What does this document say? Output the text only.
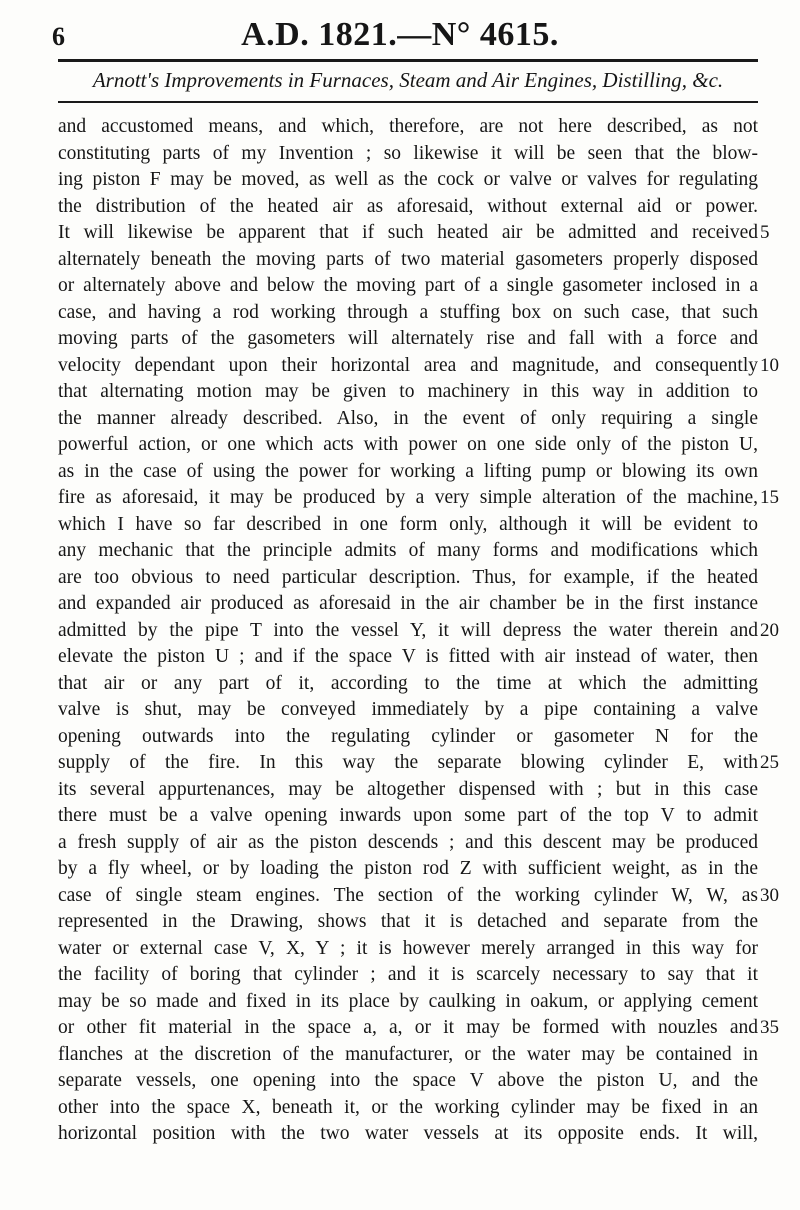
6	A.D. 1821.—N° 4615.
Arnott's Improvements in Furnaces, Steam and Air Engines, Distilling, &c.
and accustomed means, and which, therefore, are not here described, as not
constituting parts of my Invention ; so likewise it will be seen that the blow-
ing piston F may be moved, as well as the cock or valve or valves for regulating
the distribution of the heated air as aforesaid, without external aid or power.
It will likewise be apparent that if such heated air be admitted and received
alternately beneath the moving parts of two material gasometers properly disposed
or alternately above and below the moving part of a single gasometer inclosed in a
case, and having a rod working through a stuffing box on such case, that such
moving parts of the gasometers will alternately rise and fall with a force and
velocity dependant upon their horizontal area and magnitude, and consequently
that alternating motion may be given to machinery in this way in addition to
the manner already described. Also, in the event of only requiring a single
powerful action, or one which acts with power on one side only of the piston U,
as in the case of using the power for working a lifting pump or blowing its own
fire as aforesaid, it may be produced by a very simple alteration of the machine,
which I have so far described in one form only, although it will be evident to
any mechanic that the principle admits of many forms and modifications which
are too obvious to need particular description. Thus, for example, if the heated
and expanded air produced as aforesaid in the air chamber be in the first instance
admitted by the pipe T into the vessel Y, it will depress the water therein and
elevate the piston U ; and if the space V is fitted with air instead of water, then
that air or any part of it, according to the time at which the admitting
valve is shut, may be conveyed immediately by a pipe containing a valve
opening outwards into the regulating cylinder or gasometer N for the
supply of the fire. In this way the separate blowing cylinder E, with
its several appurtenances, may be altogether dispensed with ; but in this case
there must be a valve opening inwards upon some part of the top V to admit
a fresh supply of air as the piston descends ; and this descent may be produced
by a fly wheel, or by loading the piston rod Z with sufficient weight, as in the
case of single steam engines. The section of the working cylinder W, W, as
represented in the Drawing, shows that it is detached and separate from the
water or external case V, X, Y ; it is however merely arranged in this way for
the facility of boring that cylinder ; and it is scarcely necessary to say that it
may be so made and fixed in its place by caulking in oakum, or applying cement
or other fit material in the space a, a, or it may be formed with nouzles and
flanches at the discretion of the manufacturer, or the water may be contained in
separate vessels, one opening into the space V above the piston U, and the
other into the space X, beneath it, or the working cylinder may be fixed in an
horizontal position with the two water vessels at its opposite ends. It will,
5
10
15
20
25
30
35
